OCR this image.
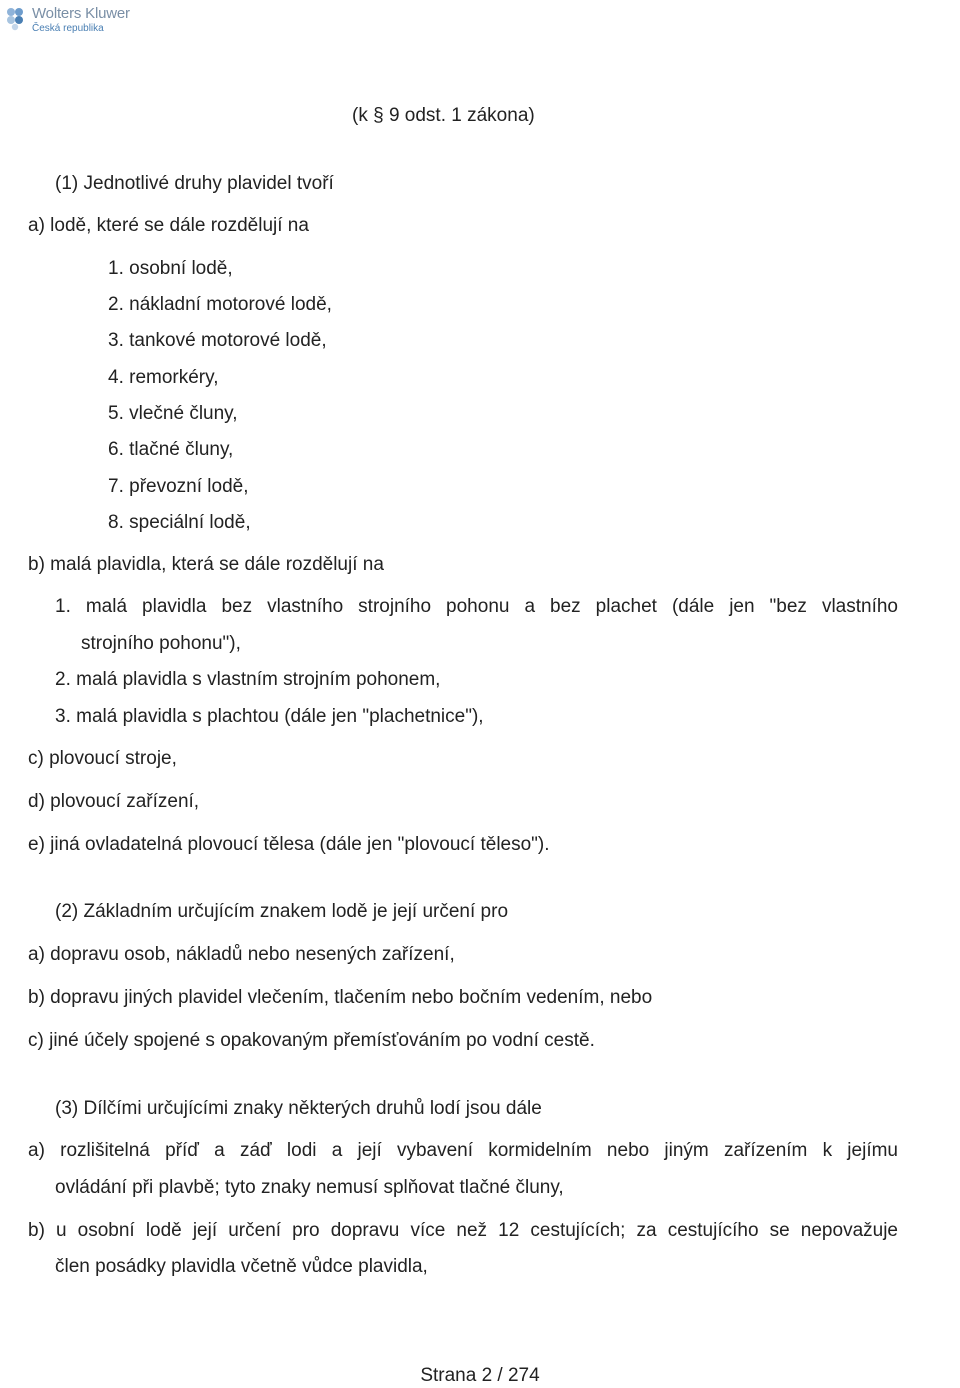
Wolters Kluwer
Česká republika
(k § 9 odst. 1 zákona)
(1) Jednotlivé druhy plavidel tvoří
a) lodě, které se dále rozdělují na
1. osobní lodě,
2. nákladní motorové lodě,
3. tankové motorové lodě,
4. remorkéry,
5. vlečné čluny,
6. tlačné čluny,
7. převozní lodě,
8. speciální lodě,
b) malá plavidla, která se dále rozdělují na
1. malá plavidla bez vlastního strojního pohonu a bez plachet (dále jen "bez vlastního
strojního pohonu"),
2. malá plavidla s vlastním strojním pohonem,
3. malá plavidla s plachtou (dále jen "plachetnice"),
c) plovoucí stroje,
d) plovoucí zařízení,
e) jiná ovladatelná plovoucí tělesa (dále jen "plovoucí těleso").
(2) Základním určujícím znakem lodě je její určení pro
a) dopravu osob, nákladů nebo nesených zařízení,
b) dopravu jiných plavidel vlečením, tlačením nebo bočním vedením, nebo
c) jiné účely spojené s opakovaným přemísťováním po vodní cestě.
(3) Dílčími určujícími znaky některých druhů lodí jsou dále
a) rozlišitelná příď a záď lodi a její vybavení kormidelním nebo jiným zařízením k jejímu
ovládání při plavbě; tyto znaky nemusí splňovat tlačné čluny,
b) u osobní lodě její určení pro dopravu více než 12 cestujících; za cestujícího se nepovažuje
člen posádky plavidla včetně vůdce plavidla,
Strana 2 / 274
